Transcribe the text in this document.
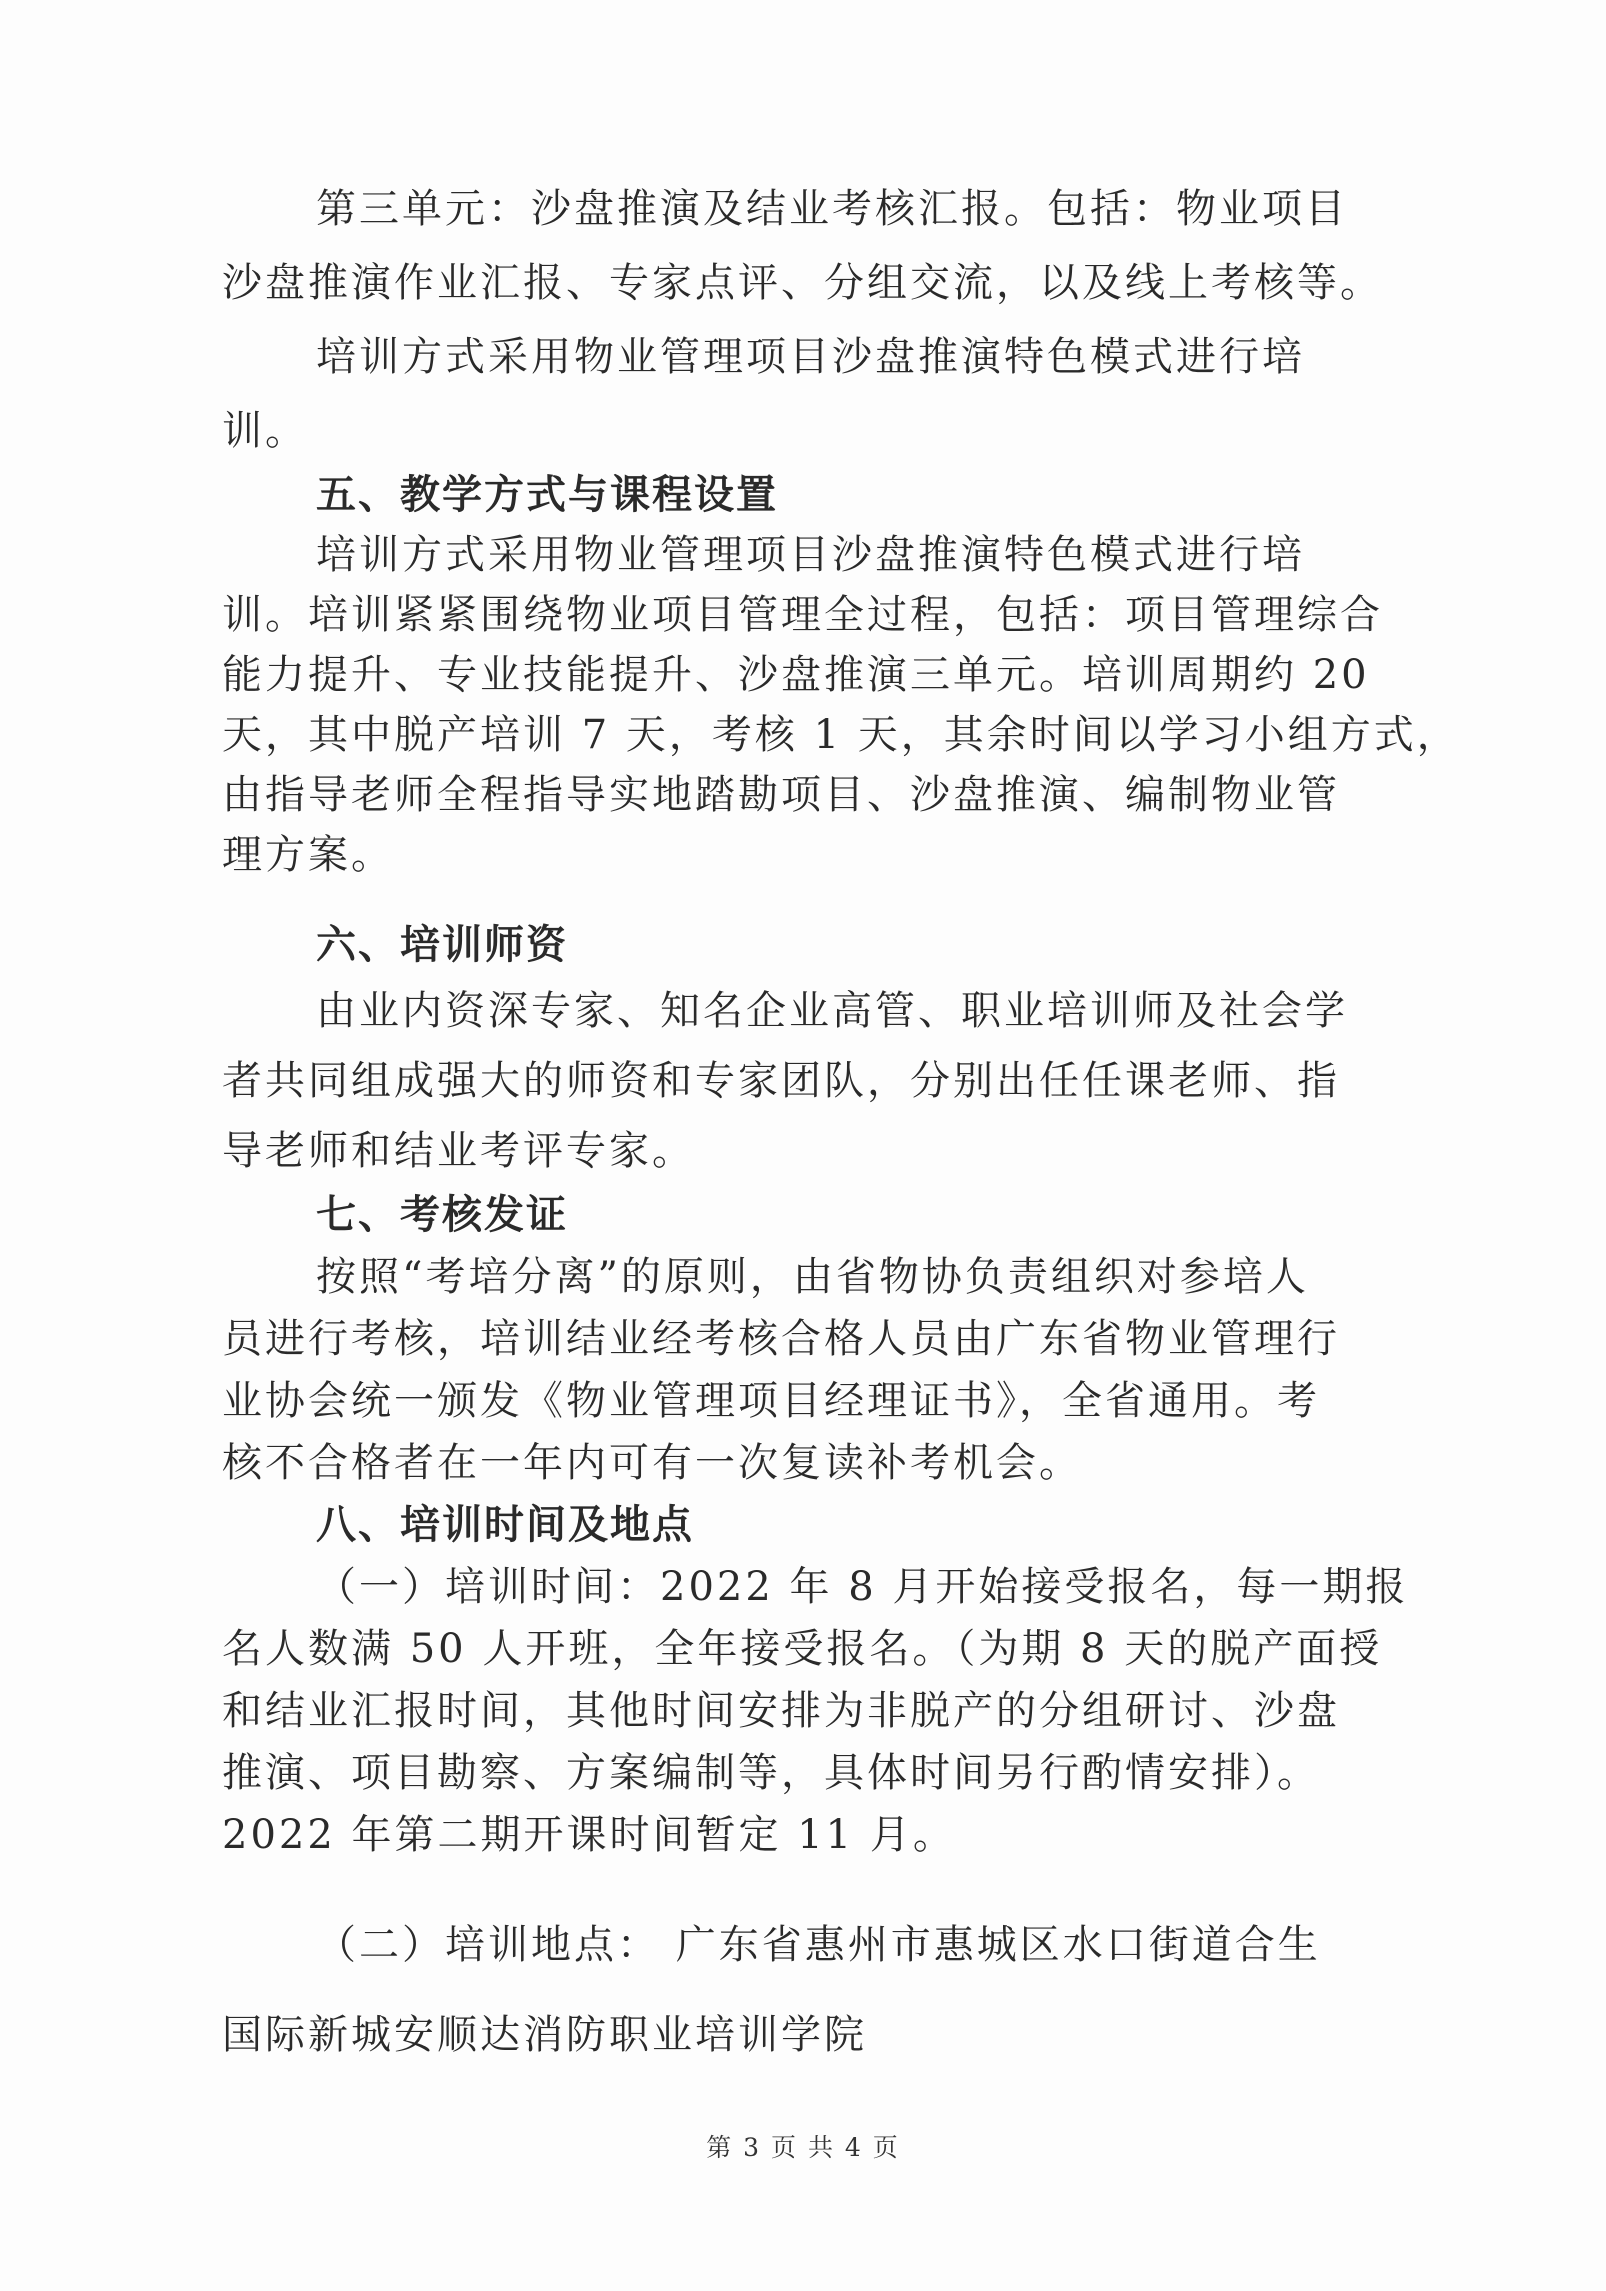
第三单元：沙盘推演及结业考核汇报。包括：物业项目
沙盘推演作业汇报、专家点评、分组交流，以及线上考核等。
培训方式采用物业管理项目沙盘推演特色模式进行培
训。
五、教学方式与课程设置
培训方式采用物业管理项目沙盘推演特色模式进行培
训。培训紧紧围绕物业项目管理全过程，包括：项目管理综合
能力提升、专业技能提升、沙盘推演三单元。培训周期约 20
天，其中脱产培训 7 天，考核 1 天，其余时间以学习小组方式，
由指导老师全程指导实地踏勘项目、沙盘推演、编制物业管
理方案。
六、培训师资
由业内资深专家、知名企业高管、职业培训师及社会学
者共同组成强大的师资和专家团队，分别出任任课老师、指
导老师和结业考评专家。
七、考核发证
按照“考培分离”的原则，由省物协负责组织对参培人
员进行考核，培训结业经考核合格人员由广东省物业管理行
业协会统一颁发《物业管理项目经理证书》，全省通用。考
核不合格者在一年内可有一次复读补考机会。
八、培训时间及地点
（一）培训时间：2022 年 8 月开始接受报名，每一期报
名人数满 50 人开班，全年接受报名。（为期 8 天的脱产面授
和结业汇报时间，其他时间安排为非脱产的分组研讨、沙盘
推演、项目勘察、方案编制等，具体时间另行酌情安排）。
2022 年第二期开课时间暂定 11 月。
（二）培训地点： 广东省惠州市惠城区水口街道合生
国际新城安顺达消防职业培训学院
第 3 页 共 4 页
